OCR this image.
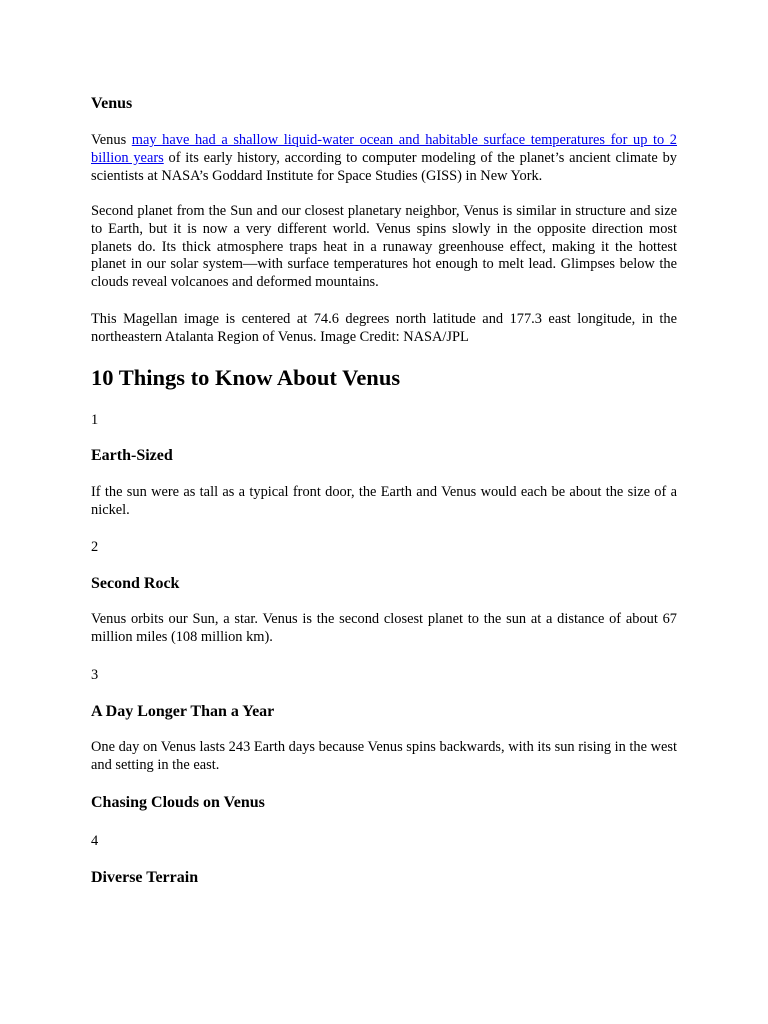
Venus

Venus may have had a shallow liquid-water ocean and habitable surface temperatures for up to 2 billion years of its early history, according to computer modeling of the planet’s ancient climate by scientists at NASA’s Goddard Institute for Space Studies (GISS) in New York.

Second planet from the Sun and our closest planetary neighbor, Venus is similar in structure and size to Earth, but it is now a very different world. Venus spins slowly in the opposite direction most planets do. Its thick atmosphere traps heat in a runaway greenhouse effect, making it the hottest planet in our solar system—with surface temperatures hot enough to melt lead. Glimpses below the clouds reveal volcanoes and deformed mountains.

This Magellan image is centered at 74.6 degrees north latitude and 177.3 east longitude, in the northeastern Atalanta Region of Venus. Image Credit: NASA/JPL

10 Things to Know About Venus

1

Earth-Sized

If the sun were as tall as a typical front door, the Earth and Venus would each be about the size of a nickel.

2

Second Rock

Venus orbits our Sun, a star. Venus is the second closest planet to the sun at a distance of about 67 million miles (108 million km).

3

A Day Longer Than a Year

One day on Venus lasts 243 Earth days because Venus spins backwards, with its sun rising in the west and setting in the east.

Chasing Clouds on Venus

4

Diverse Terrain
